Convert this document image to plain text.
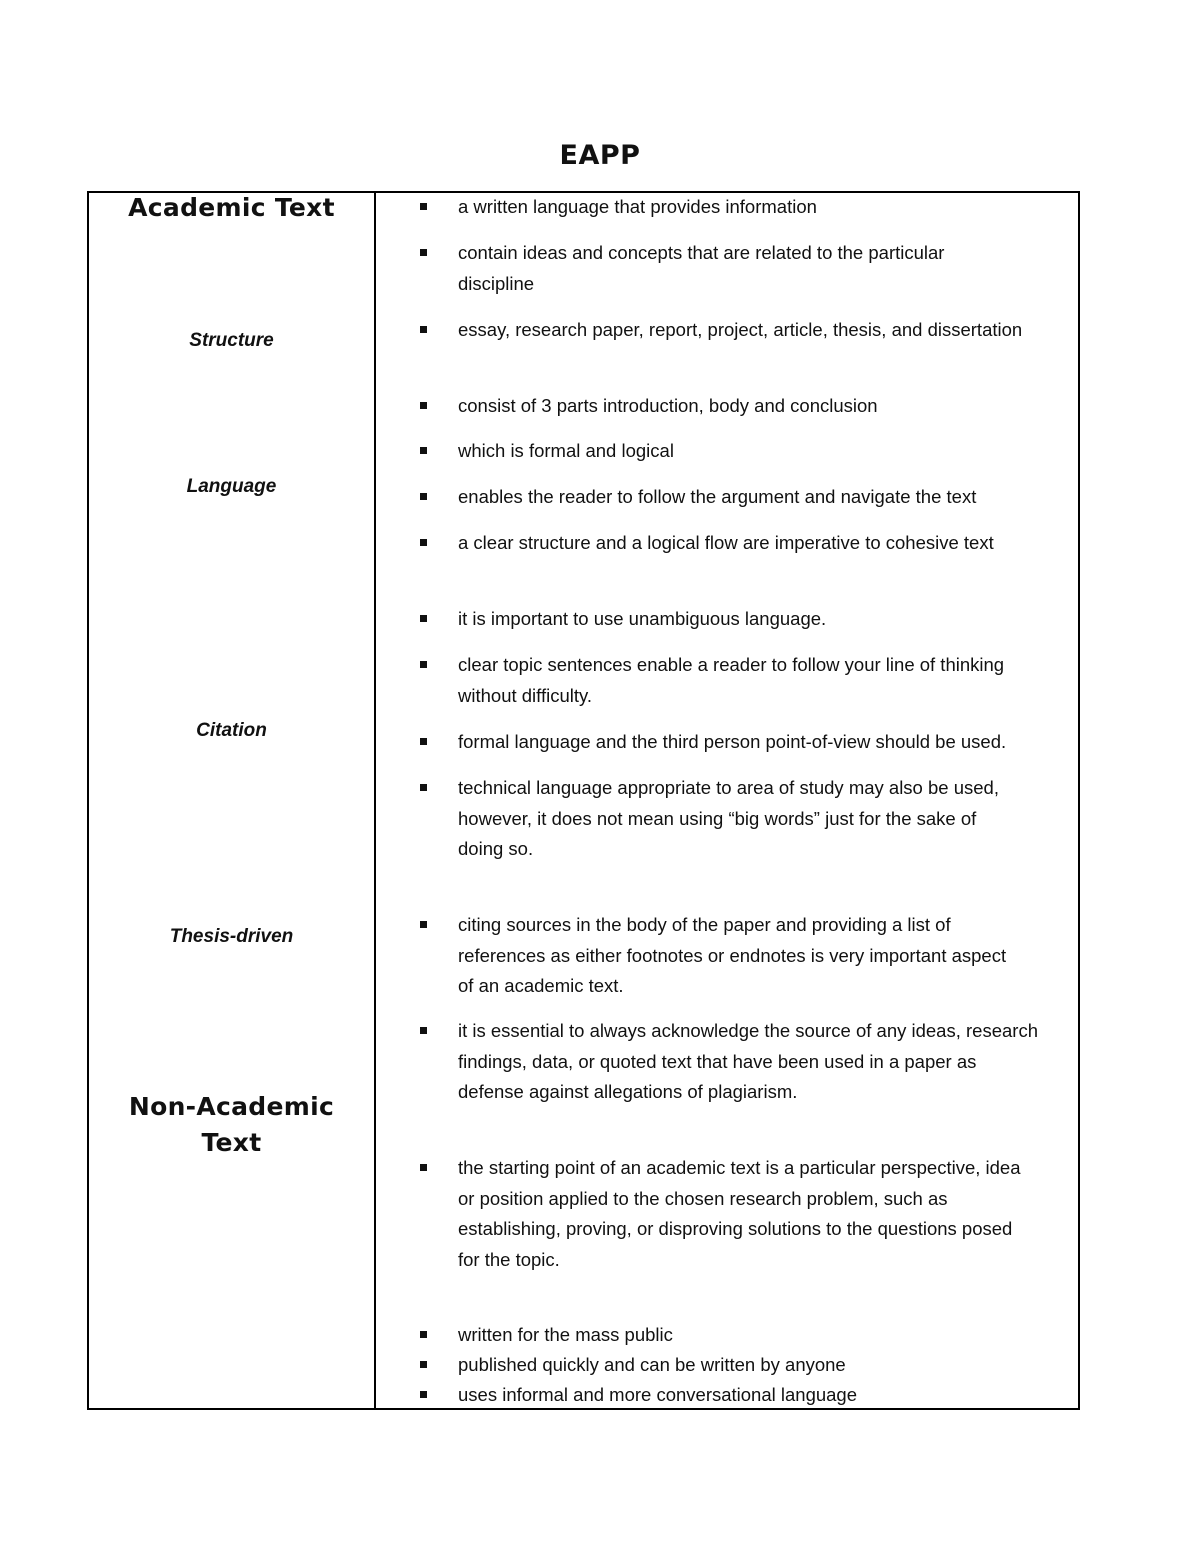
EAPP
Academic Text
Structure
Language
Citation
Thesis-driven
Non-Academic
Text
a written language that provides information
contain ideas and concepts that are related to the particular
discipline
essay, research paper, report, project, article, thesis, and dissertation
consist of 3 parts introduction, body and conclusion
which is formal and logical
enables the reader to follow the argument and navigate the text
a clear structure and a logical flow are imperative to cohesive text
it is important to use unambiguous language.
clear topic sentences enable a reader to follow your line of thinking
without difficulty.
formal language and the third person point-of-view should be used.
technical language appropriate to area of study may also be used,
however, it does not mean using “big words” just for the sake of
doing so.
citing sources in the body of the paper and providing a list of
references as either footnotes or endnotes is very important aspect
of an academic text.
it is essential to always acknowledge the source of any ideas, research
findings, data, or quoted text that have been used in a paper as
defense against allegations of plagiarism.
the starting point of an academic text is a particular perspective, idea
or position applied to the chosen research problem, such as
establishing, proving, or disproving solutions to the questions posed
for the topic.
written for the mass public
published quickly and can be written by anyone
uses informal and more conversational language
